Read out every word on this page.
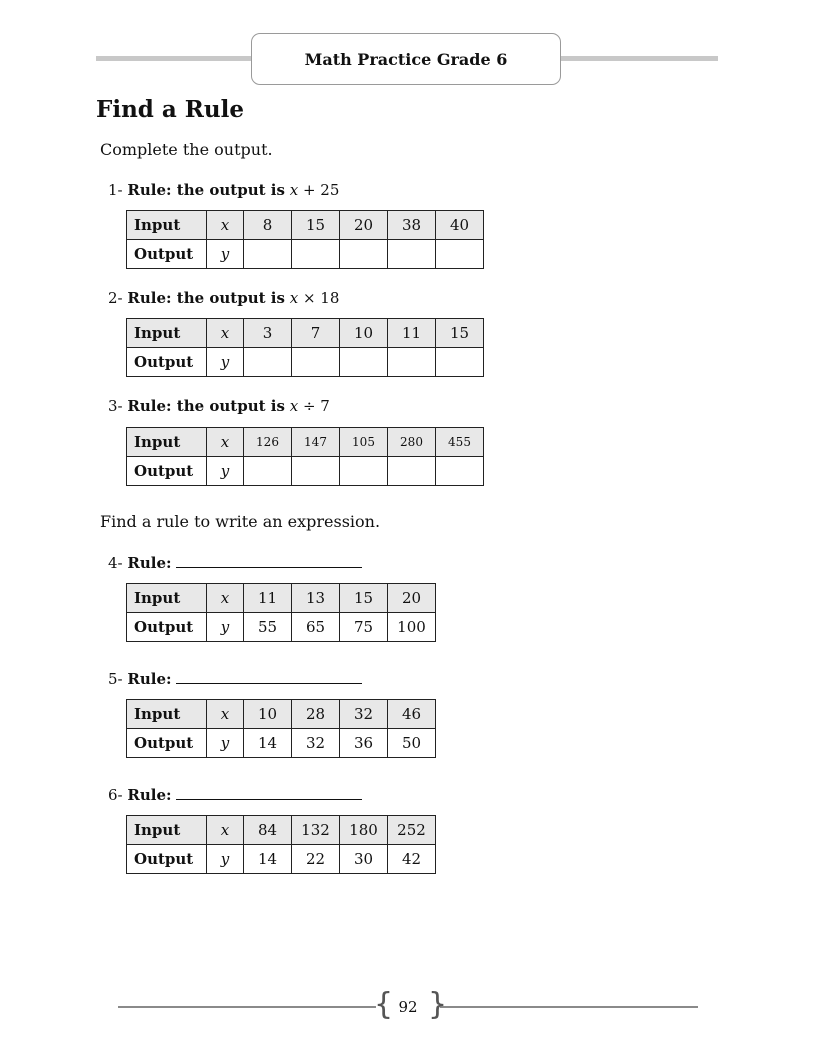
Math Practice Grade 6
Find a Rule
Complete the output.
1- Rule: the output is x + 25
Input	x	8	15	20	38	40
Output	y					
2- Rule: the output is x × 18
Input	x	3	7	10	11	15
Output	y					
3- Rule: the output is x ÷ 7
Input	x	126	147	105	280	455
Output	y					
Find a rule to write an expression.
4- Rule:
Input	x	11	13	15	20
Output	y	55	65	75	100
5- Rule:
Input	x	10	28	32	46
Output	y	14	32	36	50
6- Rule:
Input	x	84	132	180	252
Output	y	14	22	30	42
{ }
92
